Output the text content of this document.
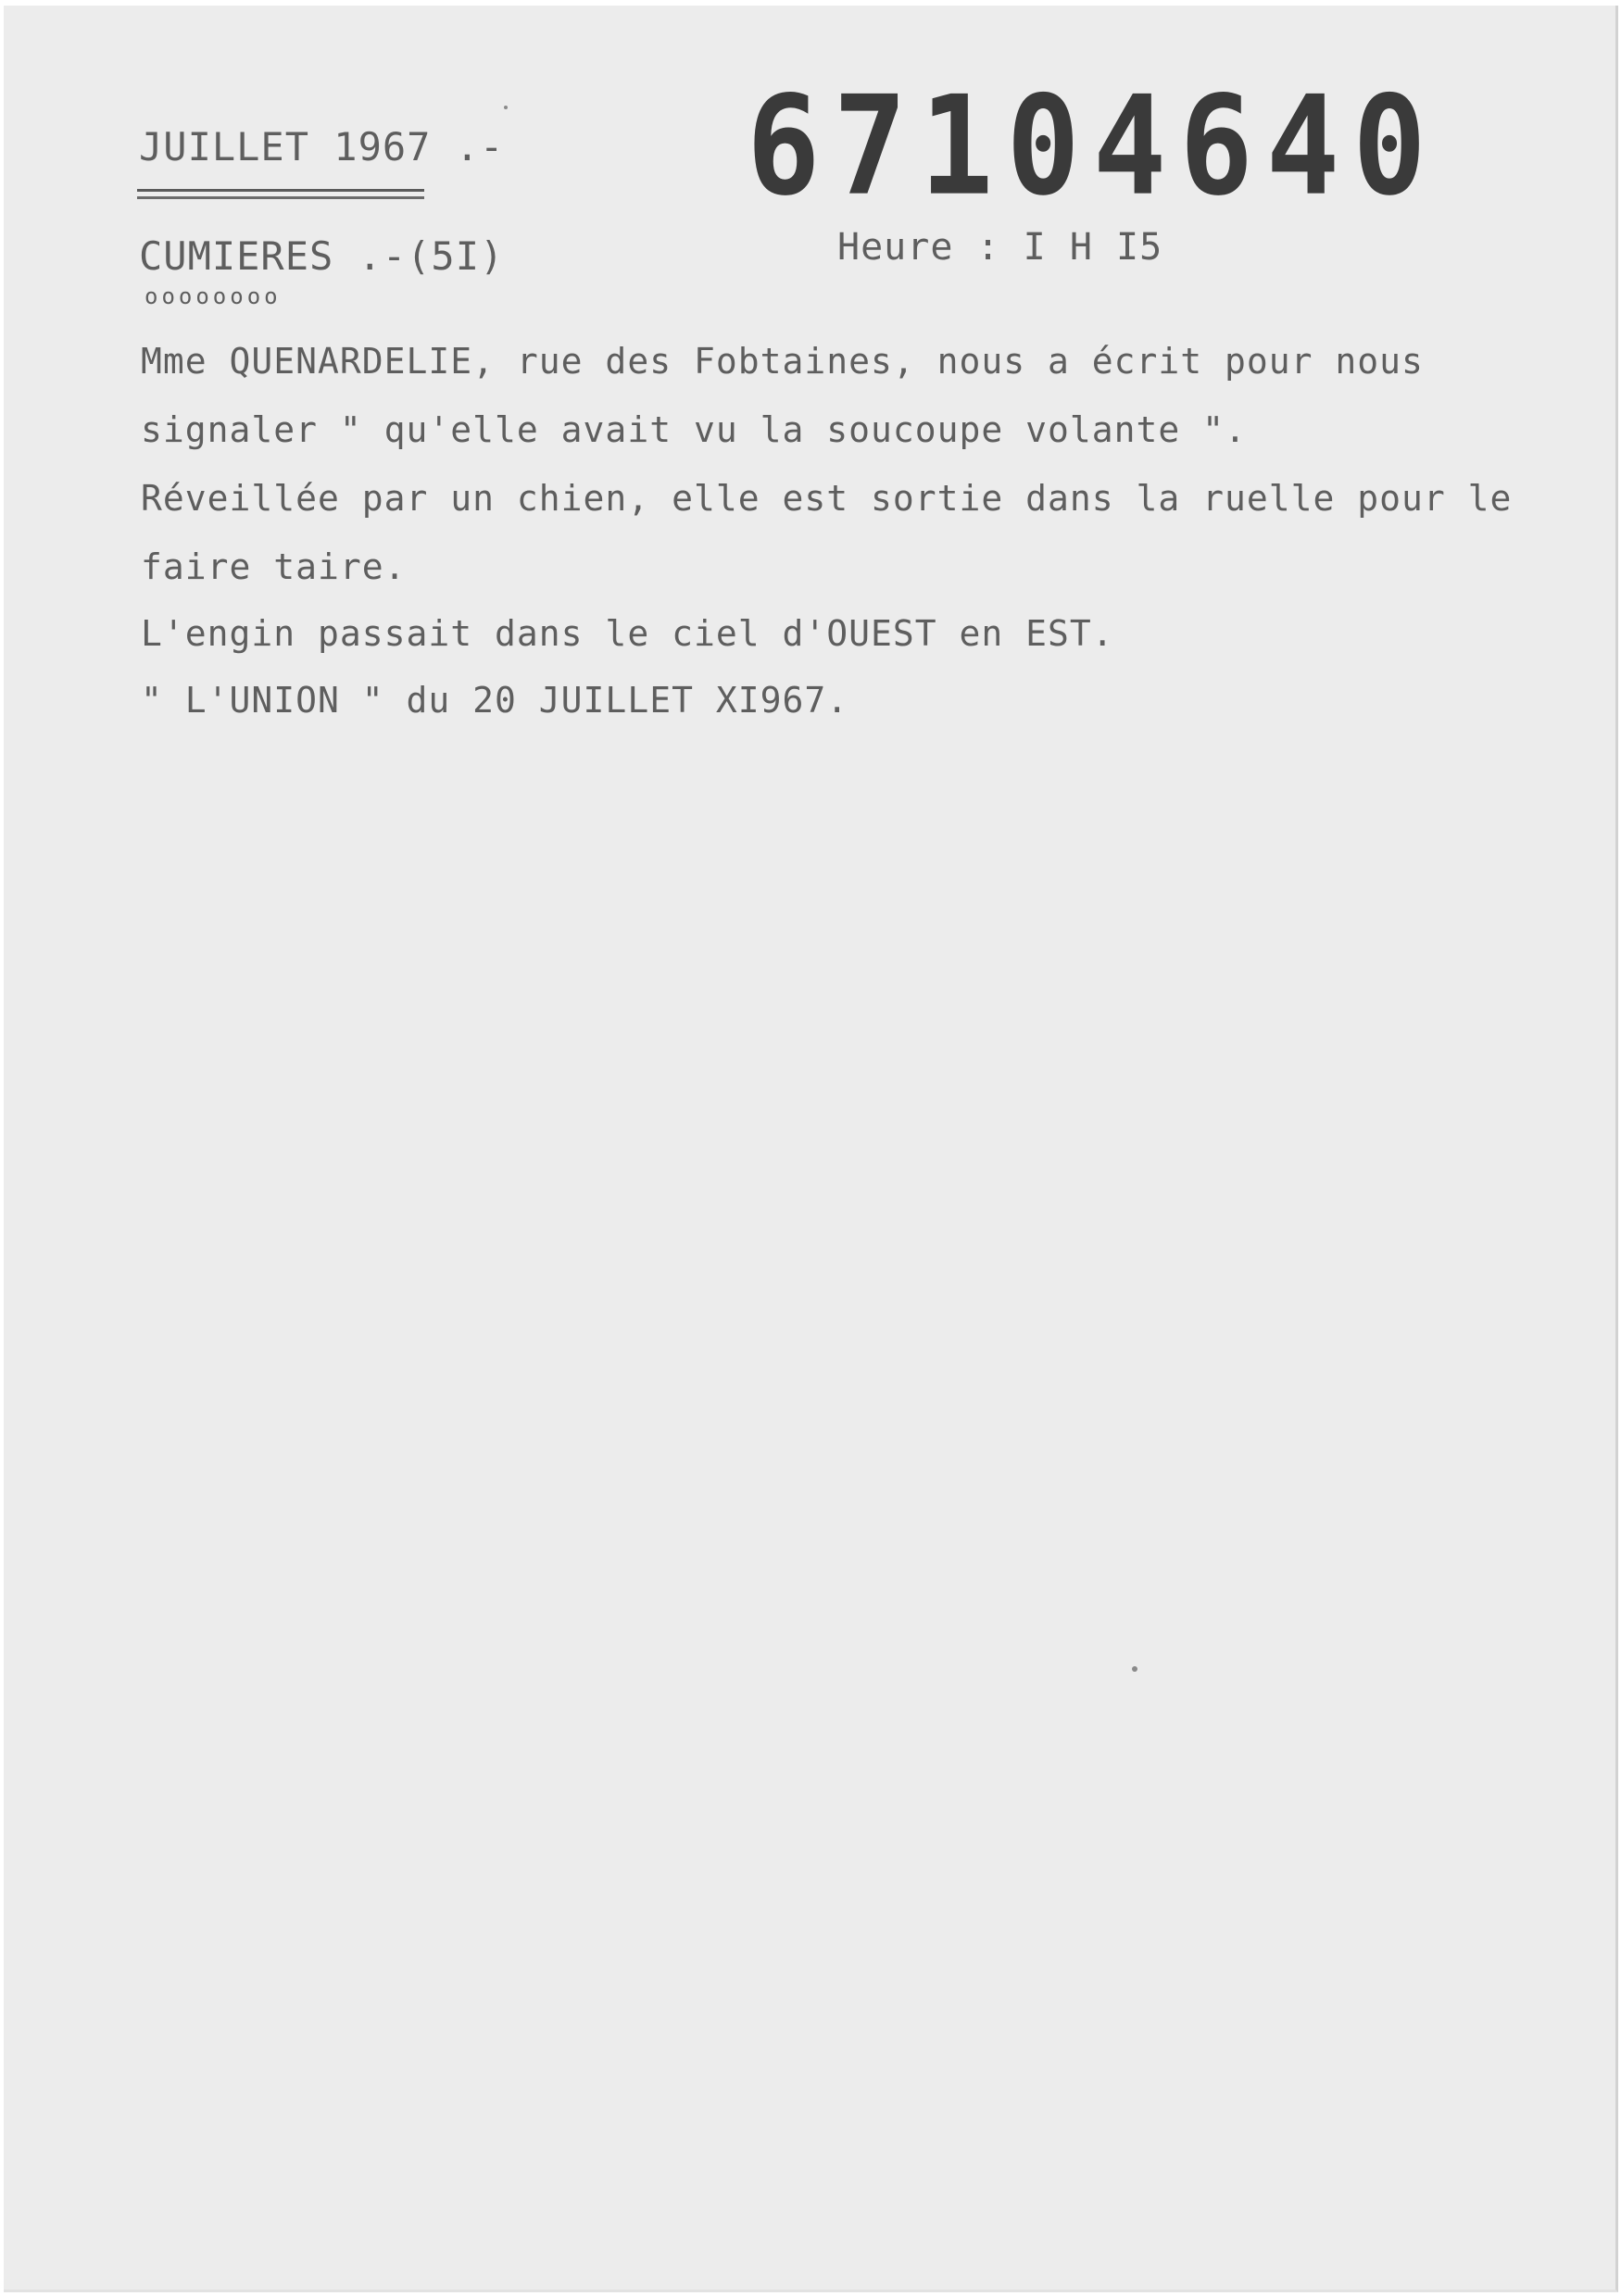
JUILLET 1967 .- 67104640
CUMIERES .-(5I)
oooooooo
Heure : I H I5
Mme QUENARDELIE, rue des Fobtaines, nous a écrit pour nous
signaler " qu'elle avait vu la soucoupe volante ".
Réveillée par un chien, elle est sortie dans la ruelle pour le
faire taire.
L'engin passait dans le ciel d'OUEST en EST.
" L'UNION " du 20 JUILLET XI967.
